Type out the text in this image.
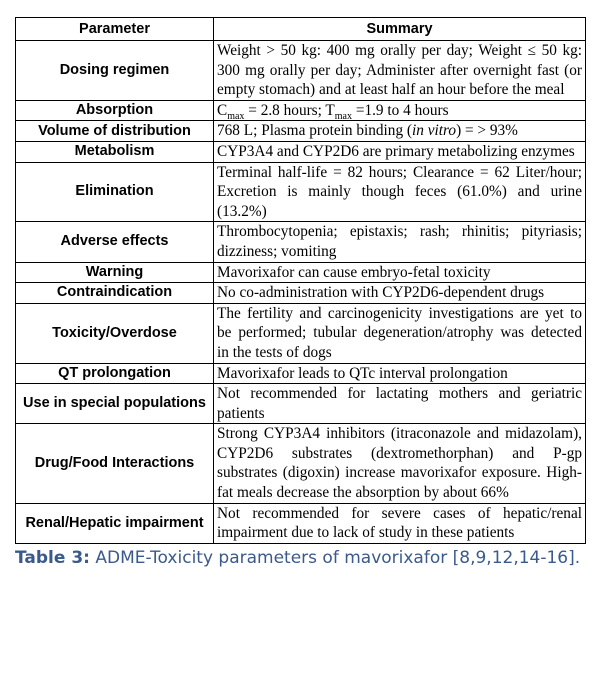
Parameter	Summary
Dosing regimen	Weight > 50 kg: 400 mg orally per day; Weight ≤ 50 kg: 300 mg orally per day; Administer after overnight fast (or empty stomach) and at least half an hour before the meal
Absorption	$C_{max} = 2.8$ hours; $T_{max} =1.9$ to 4 hours
Volume of distribution	768 L; Plasma protein binding (in vitro) = > 93%
Metabolism	CYP3A4 and CYP2D6 are primary metabolizing enzymes
Elimination	Terminal half-life = 82 hours; Clearance = 62 Liter/hour; Excretion is mainly though feces (61.0%) and urine (13.2%)
Adverse effects	Thrombocytopenia; epistaxis; rash; rhinitis; pityriasis; dizziness; vomiting
Warning	Mavorixafor can cause embryo-fetal toxicity
Contraindication	No co-administration with CYP2D6-dependent drugs
Toxicity/Overdose	The fertility and carcinogenicity investigations are yet to be performed; tubular degeneration/atrophy was detected in the tests of dogs
QT prolongation	Mavorixafor leads to QTc interval prolongation
Use in special populations	Not recommended for lactating mothers and geriatric patients
Drug/Food Interactions	Strong CYP3A4 inhibitors (itraconazole and midazolam), CYP2D6 substrates (dextromethorphan) and P-gp substrates (digoxin) increase mavorixafor exposure. High-fat meals decrease the absorption by about 66%
Renal/Hepatic impairment	Not recommended for severe cases of hepatic/renal impairment due to lack of study in these patients
Table 3: ADME-Toxicity parameters of mavorixafor [8,9,12,14-16].
